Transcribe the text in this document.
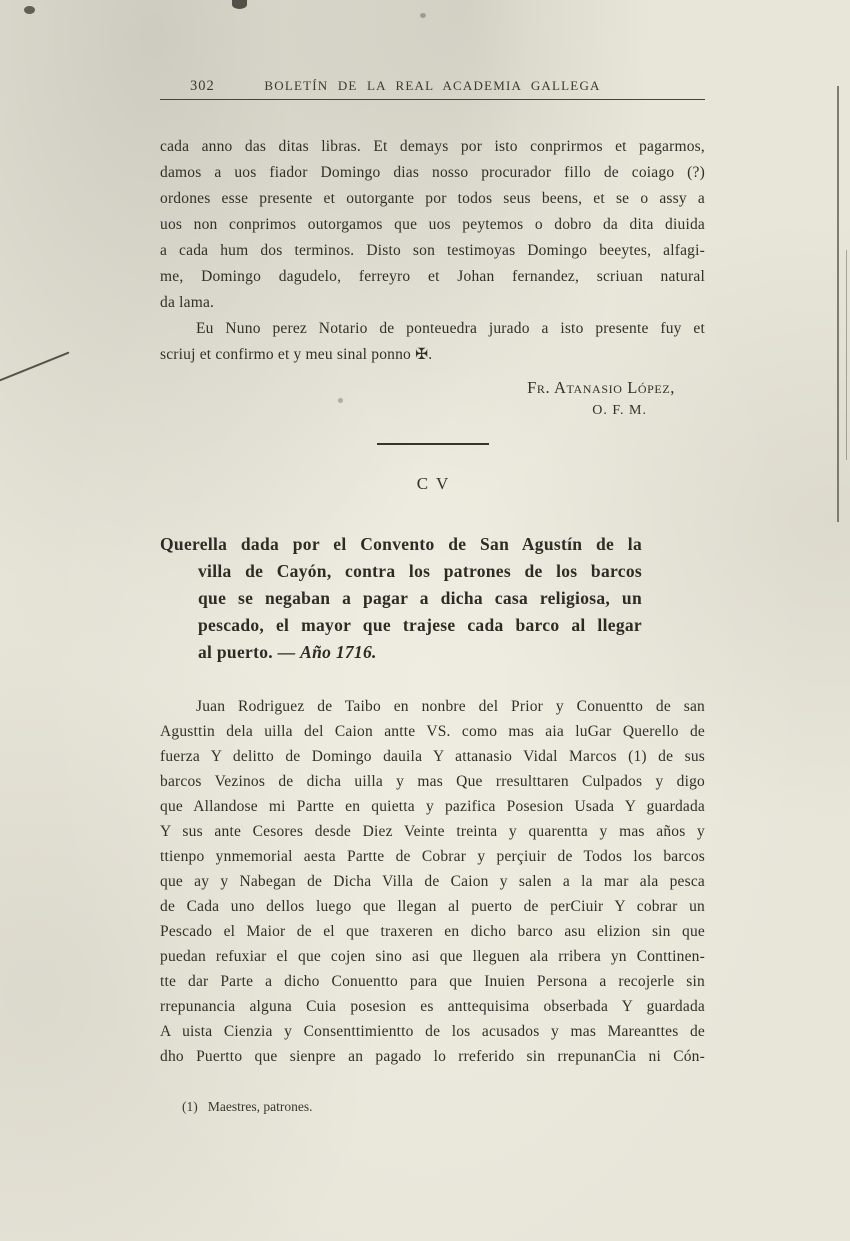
302	BOLETÍN DE LA REAL ACADEMIA GALLEGA
cada anno das ditas libras. Et demays por isto conprirmos et pagarmos,
damos a uos fiador Domingo dias nosso procurador fillo de coiago (?)
ordones esse presente et outorgante por todos seus beens, et se o assy a
uos non conprimos outorgamos que uos peytemos o dobro da dita diuida
a cada hum dos terminos. Disto son testimoyas Domingo beeytes, alfagi-
me, Domingo dagudelo, ferreyro et Johan fernandez, scriuan natural
da lama.
Eu Nuno perez Notario de ponteuedra jurado a isto presente fuy et
scriuj et confirmo et y meu sinal ponno ✠.
Fr. Atanasio López,
O. F. M.
CV
Querella dada por el Convento de San Agustín de la
villa de Cayón, contra los patrones de los barcos
que se negaban a pagar a dicha casa religiosa, un
pescado, el mayor que trajese cada barco al llegar
al puerto. — Año 1716.
Juan Rodriguez de Taibo en nonbre del Prior y Conuentto de san
Agusttin dela uilla del Caion antte VS. como mas aia luGar Querello de
fuerza Y delitto de Domingo dauila Y attanasio Vidal Marcos (1) de sus
barcos Vezinos de dicha uilla y mas Que rresulttaren Culpados y digo
que Allandose mi Partte en quietta y pazifica Posesion Usada Y guardada
Y sus ante Cesores desde Diez Veinte treinta y quarentta y mas años y
ttienpo ynmemorial aesta Partte de Cobrar y perçiuir de Todos los barcos
que ay y Nabegan de Dicha Villa de Caion y salen a la mar ala pesca
de Cada uno dellos luego que llegan al puerto de perCiuir Y cobrar un
Pescado el Maior de el que traxeren en dicho barco asu elizion sin que
puedan refuxiar el que cojen sino asi que lleguen ala rribera yn Conttinen-
tte dar Parte a dicho Conuentto para que Inuien Persona a recojerle sin
rrepunancia alguna Cuia posesion es anttequisima obserbada Y guardada
A uista Cienzia y Consenttimientto de los acusados y mas Mareanttes de
dho Puertto que sienpre an pagado lo rreferido sin rrepunanCia ni Cón-
(1)   Maestres, patrones.
